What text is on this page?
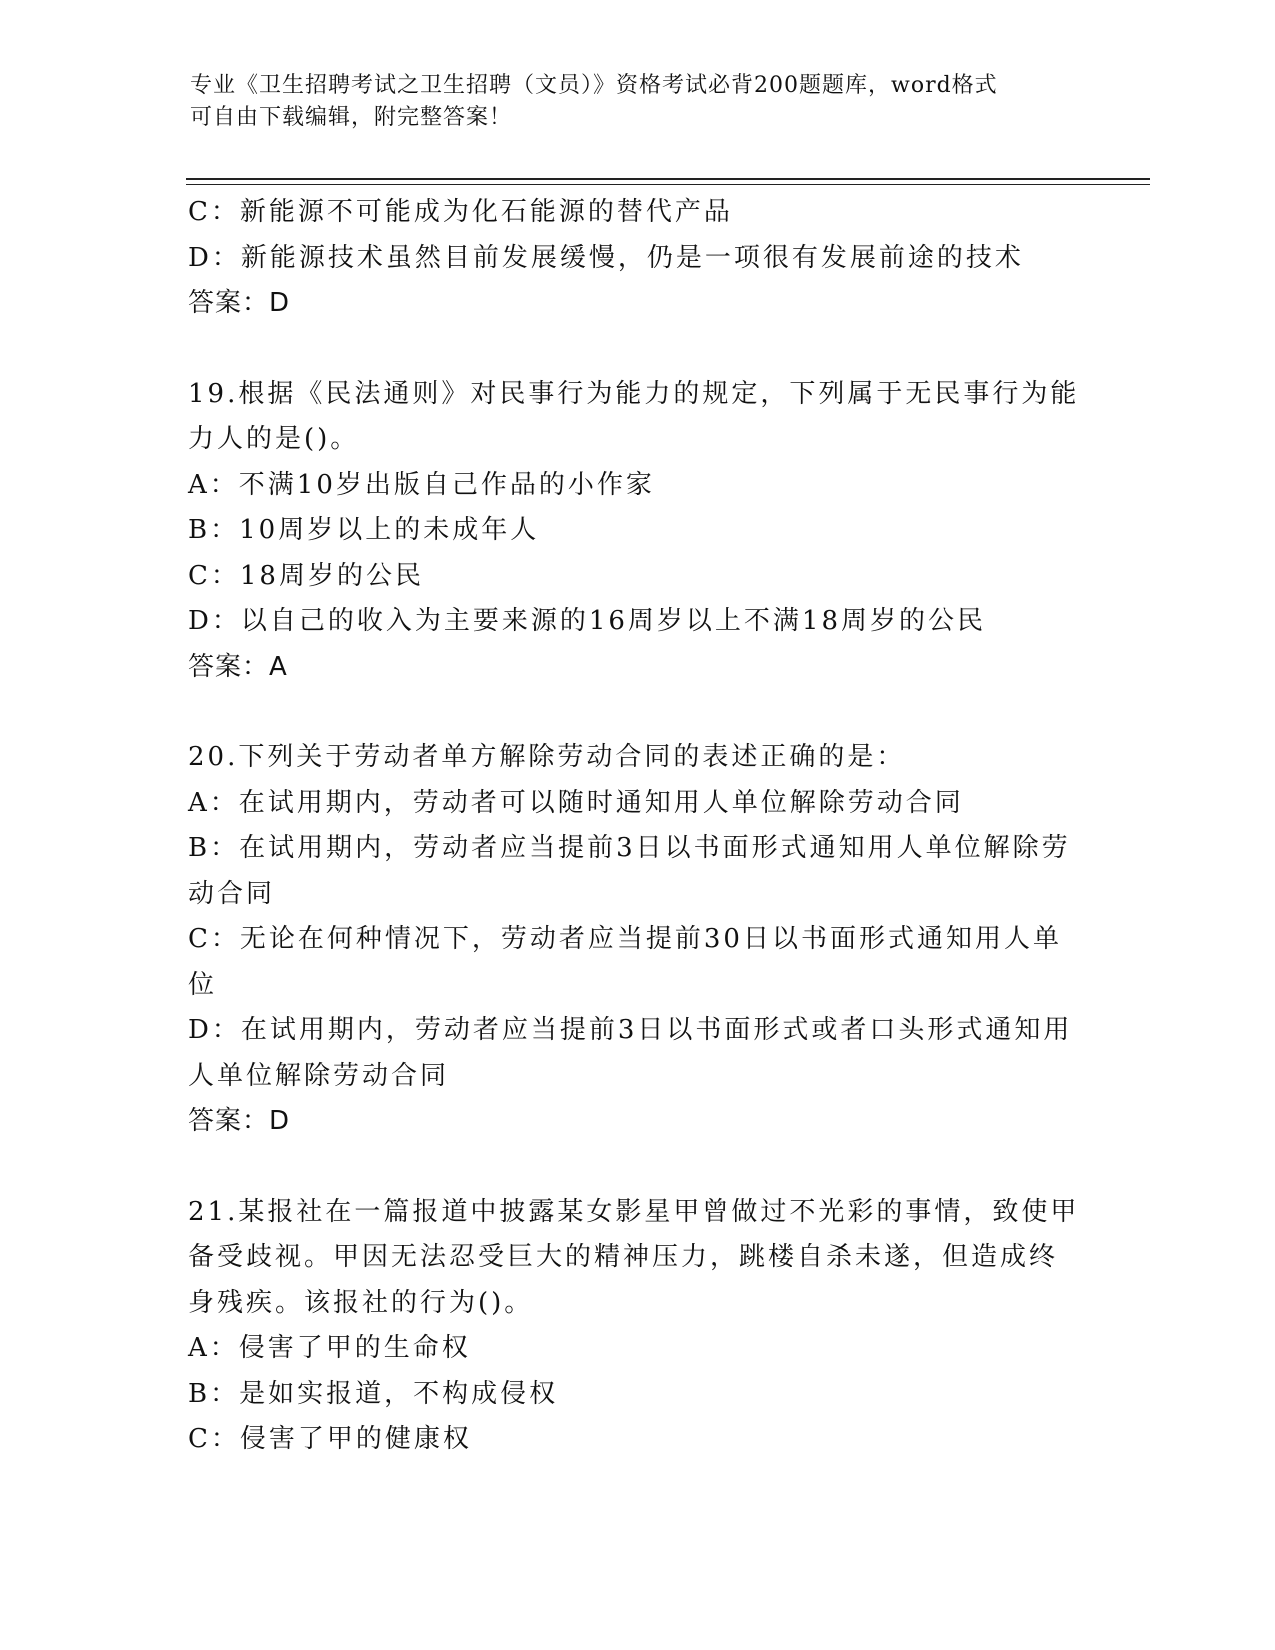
专业《卫生招聘考试之卫生招聘（文员）》资格考试必背200题题库，word格式
可自由下载编辑，附完整答案！

C：新能源不可能成为化石能源的替代产品

D：新能源技术虽然目前发展缓慢，仍是一项很有发展前途的技术

答案：D

19.根据《民法通则》对民事行为能力的规定，下列属于无民事行为能

力人的是()。

A：不满10岁出版自己作品的小作家

B：10周岁以上的未成年人

C：18周岁的公民

D：以自己的收入为主要来源的16周岁以上不满18周岁的公民

答案：A

20.下列关于劳动者单方解除劳动合同的表述正确的是：

A：在试用期内，劳动者可以随时通知用人单位解除劳动合同

B：在试用期内，劳动者应当提前3日以书面形式通知用人单位解除劳

动合同

C：无论在何种情况下，劳动者应当提前30日以书面形式通知用人单

位

D：在试用期内，劳动者应当提前3日以书面形式或者口头形式通知用

人单位解除劳动合同

答案：D

21.某报社在一篇报道中披露某女影星甲曾做过不光彩的事情，致使甲

备受歧视。甲因无法忍受巨大的精神压力，跳楼自杀未遂，但造成终

身残疾。该报社的行为()。

A：侵害了甲的生命权

B：是如实报道，不构成侵权

C：侵害了甲的健康权
